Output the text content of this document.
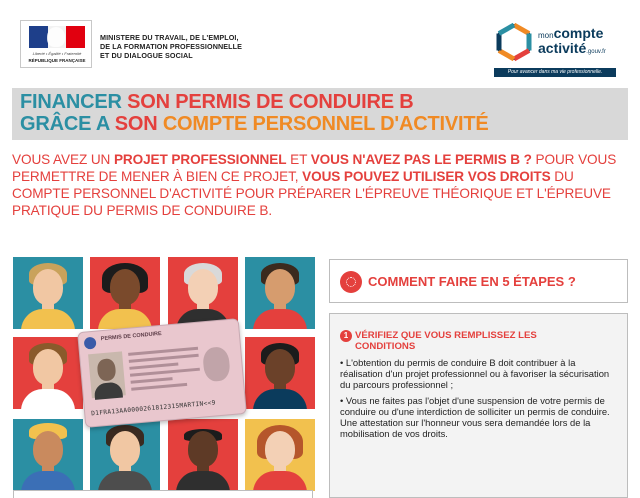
Liberté • Égalité • Fraternité
RÉPUBLIQUE FRANÇAISE
MINISTERE DU TRAVAIL, DE L'EMPLOI,
DE LA FORMATION PROFESSIONNELLE
ET DU DIALOGUE SOCIAL
moncompte
activité.gouv.fr
Pour avancer dans ma vie professionnelle.
FINANCER SON PERMIS DE CONDUIRE B
GRÂCE A SON COMPTE PERSONNEL D'ACTIVITÉ
VOUS AVEZ UN PROJET PROFESSIONNEL ET VOUS N'AVEZ PAS LE PERMIS B ? POUR VOUS PERMETTRE DE MENER À BIEN CE PROJET, VOUS POUVEZ UTILISER VOS DROITS DU COMPTE PERSONNEL D'ACTIVITÉ POUR PRÉPARER L'ÉPREUVE THÉORIQUE ET L'ÉPREUVE PRATIQUE DU PERMIS DE CONDUIRE B.
PERMIS DE CONDUIRE
D1FRA13AA0000261812315MARTIN<<9
COMMENT FAIRE EN 5 ÉTAPES ?
1 VÉRIFIEZ QUE VOUS REMPLISSEZ LES CONDITIONS

• L'obtention du permis de conduire B doit contribuer à la réalisation d'un projet professionnel ou à favoriser la sécurisation du parcours professionnel ;

• Vous ne faites pas l'objet d'une suspension de votre permis de conduire ou d'une interdiction de solliciter un permis de conduire.

Une attestation sur l'honneur vous sera demandée lors de la mobilisation de vos droits.
